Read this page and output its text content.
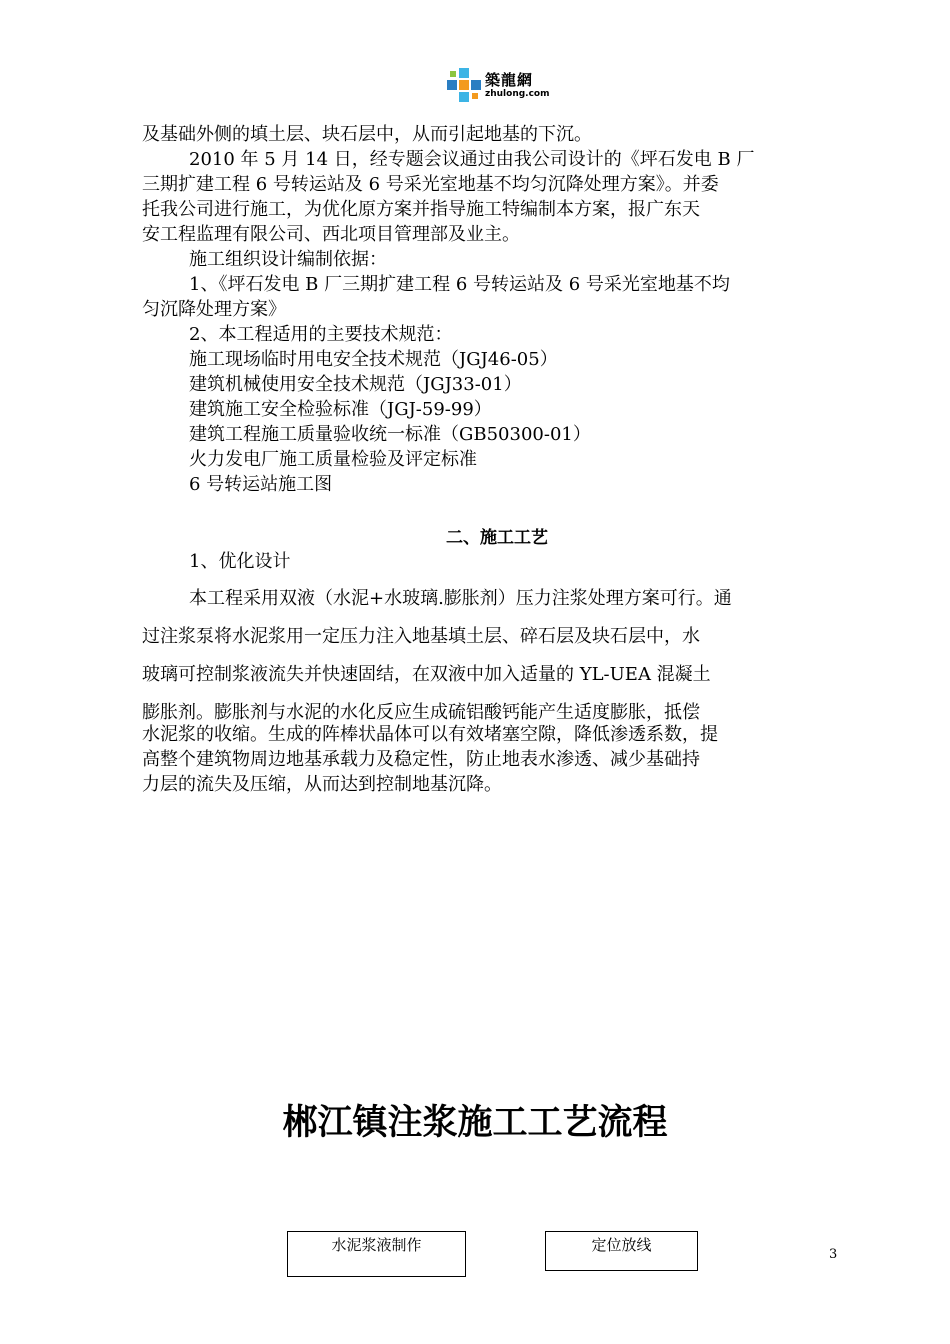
築龍網
zhulong.com
及基础外侧的填土层、块石层中，从而引起地基的下沉。
2010 年 5 月 14 日，经专题会议通过由我公司设计的《坪石发电 B 厂
三期扩建工程 6 号转运站及 6 号采光室地基不均匀沉降处理方案》。并委
托我公司进行施工，为优化原方案并指导施工特编制本方案，报广东天
安工程监理有限公司、西北项目管理部及业主。
施工组织设计编制依据：
1、《坪石发电 B 厂三期扩建工程 6 号转运站及 6 号采光室地基不均
匀沉降处理方案》
2、本工程适用的主要技术规范：
施工现场临时用电安全技术规范（JGJ46-05）
建筑机械使用安全技术规范（JGJ33-01）
建筑施工安全检验标准（JGJ-59-99）
建筑工程施工质量验收统一标准（GB50300-01）
火力发电厂施工质量检验及评定标准
6 号转运站施工图
二、施工工艺
1、优化设计
本工程采用双液（水泥+水玻璃.膨胀剂）压力注浆处理方案可行。通
过注浆泵将水泥浆用一定压力注入地基填土层、碎石层及块石层中，水
玻璃可控制浆液流失并快速固结，在双液中加入适量的 YL-UEA 混凝土
膨胀剂。膨胀剂与水泥的水化反应生成硫铝酸钙能产生适度膨胀，抵偿
水泥浆的收缩。生成的阵棒状晶体可以有效堵塞空隙，降低渗透系数，提
高整个建筑物周边地基承载力及稳定性，防止地表水渗透、减少基础持
力层的流失及压缩，从而达到控制地基沉降。
郴江镇注浆施工工艺流程
水泥浆液制作	定位放线
3
